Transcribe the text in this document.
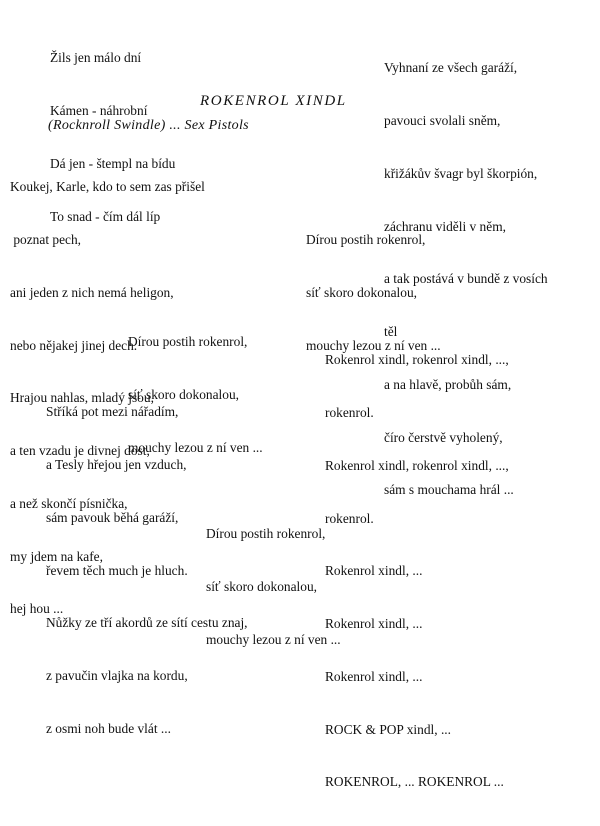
Žils jen málo dní

Kámen - náhrobní

Dá jen - štempl na bídu

To snad - čím dál líp

ROKENROL XINDL
(Rocknroll Swindle) ... Sex Pistols

Koukej, Karle, kdo to sem zas přišel

poznat pech,

ani jeden z nich nemá heligon,

nebo nějakej jinej dech.

Hrajou nahlas, mladý jsou,

a ten vzadu je divnej dost,

a než skončí písnička,

my jdem na kafe,

hej hou ...

Dírou postih rokenrol,

síť skoro dokonalou,

mouchy lezou z ní ven ...

Stříká pot mezi nářadím,

a Tesly hřejou jen vzduch,

sám pavouk běhá garáží,

řevem těch much je hluch.

Nůžky ze tří akordů ze sítí cestu znaj,

z pavučin vlajka na kordu,

z osmi noh bude vlát ...

Dírou postih rokenrol,

síť skoro dokonalou,

mouchy lezou z ní ven ...

Vyhnaní ze všech garáží,

pavouci svolali sněm,

křižákův švagr byl škorpión,

záchranu viděli v něm,

a tak postává v bundě z vosích

těl

a na hlavě, probůh sám,

číro čerstvě vyholený,

sám s mouchama hrál ...

Dírou postih rokenrol,

síť skoro dokonalou,

mouchy lezou z ní ven ...

Rokenrol xindl, rokenrol xindl, ...,

rokenrol.

Rokenrol xindl, rokenrol xindl, ...,

rokenrol.

Rokenrol xindl, ...

Rokenrol xindl, ...

Rokenrol xindl, ...

ROCK & POP xindl, ...

ROKENROL, ... ROKENROL ...
